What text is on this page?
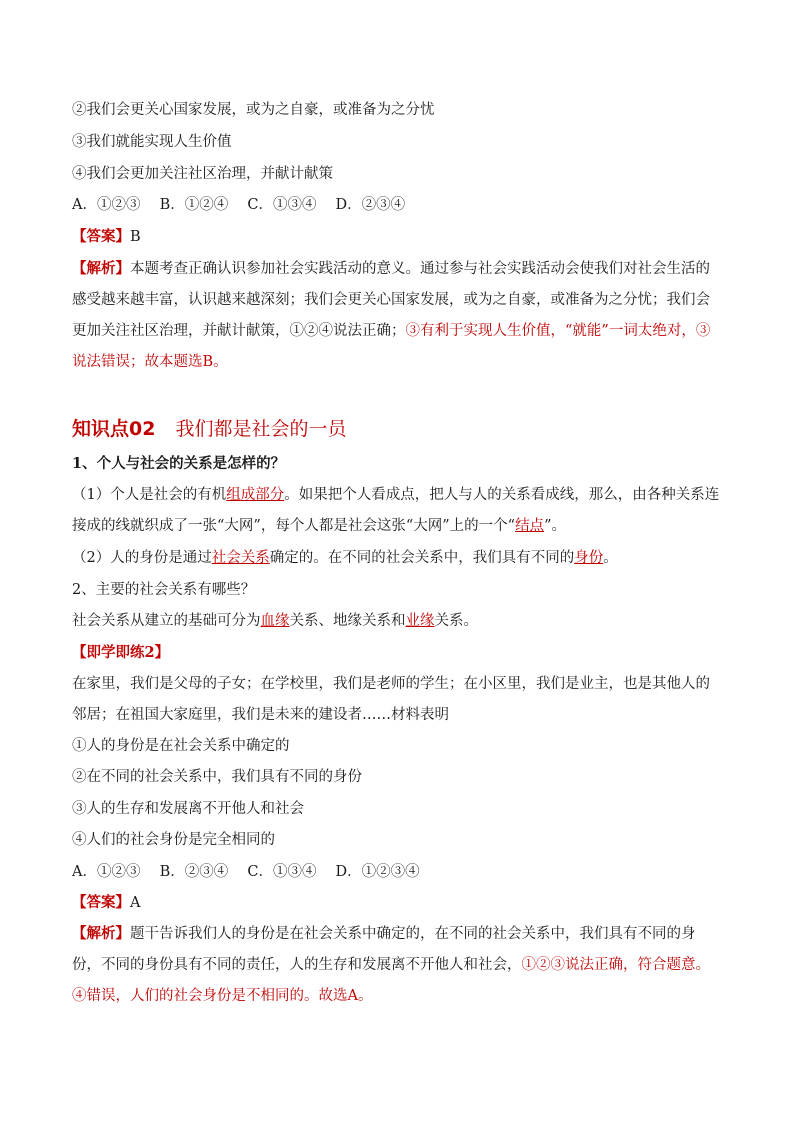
②我们会更关心国家发展，或为之自豪，或准备为之分忧
③我们就能实现人生价值
④我们会更加关注社区治理，并献计献策
A．①②③　 B．①②④　 C．①③④　 D．②③④
【答案】B
【解析】本题考查正确认识参加社会实践活动的意义。通过参与社会实践活动会使我们对社会生活的感受越来越丰富，认识越来越深刻；我们会更关心国家发展，或为之自豪，或准备为之分忧；我们会更加关注社区治理，并献计献策，①②④说法正确；③有利于实现人生价值，“就能”一词太绝对，③说法错误；故本题选B。
知识点02 我们都是社会的一员
1、个人与社会的关系是怎样的？
（1）个人是社会的有机组成部分。如果把个人看成点，把人与人的关系看成线，那么，由各种关系连接成的线就织成了一张“大网”，每个人都是社会这张“大网”上的一个“结点”。
（2）人的身份是通过社会关系确定的。在不同的社会关系中，我们具有不同的身份。
2、主要的社会关系有哪些？
社会关系从建立的基础可分为血缘关系、地缘关系和业缘关系。
【即学即练2】
在家里，我们是父母的子女；在学校里，我们是老师的学生；在小区里，我们是业主，也是其他人的邻居；在祖国大家庭里，我们是未来的建设者……材料表明
①人的身份是在社会关系中确定的
②在不同的社会关系中，我们具有不同的身份
③人的生存和发展离不开他人和社会
④人们的社会身份是完全相同的
A．①②③　 B．②③④　 C．①③④　 D．①②③④
【答案】A
【解析】题干告诉我们人的身份是在社会关系中确定的，在不同的社会关系中，我们具有不同的身份，不同的身份具有不同的责任，人的生存和发展离不开他人和社会，①②③说法正确，符合题意。④错误，人们的社会身份是不相同的。故选A。
